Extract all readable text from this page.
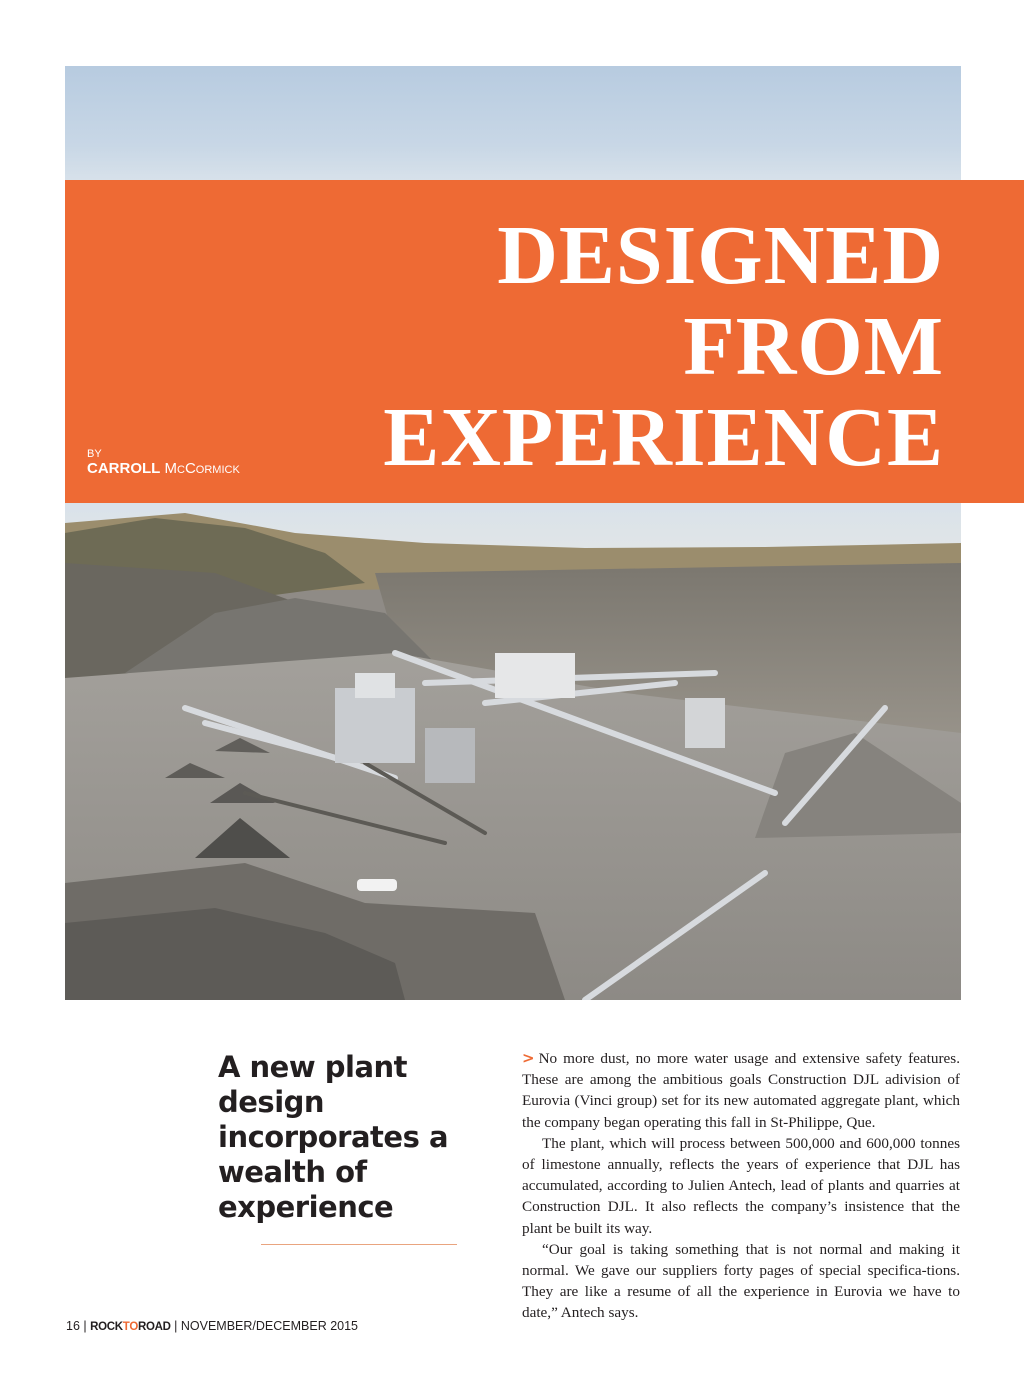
DESIGNED
FROM
EXPERIENCE
BY
CARROLL MCCORMICK
A new plant design incorporates a wealth of experience

> No more dust, no more water usage and extensive safety features. These are among the ambitious goals Construction DJL adivision of Eurovia (Vinci group) set for its new automated aggregate plant, which the company began operating this fall in St-Philippe, Que.

The plant, which will process between 500,000 and 600,000 tonnes of limestone annually, reflects the years of experience that DJL has accumulated, according to Julien Antech, lead of plants and quarries at Construction DJL. It also reflects the company’s insistence that the plant be built its way.

“Our goal is taking something that is not normal and making it normal. We gave our suppliers forty pages of special specifica-tions. They are like a resume of all the experience in Eurovia we have to date,” Antech says.

16 | ROCKTOROAD | NOVEMBER/DECEMBER 2015
